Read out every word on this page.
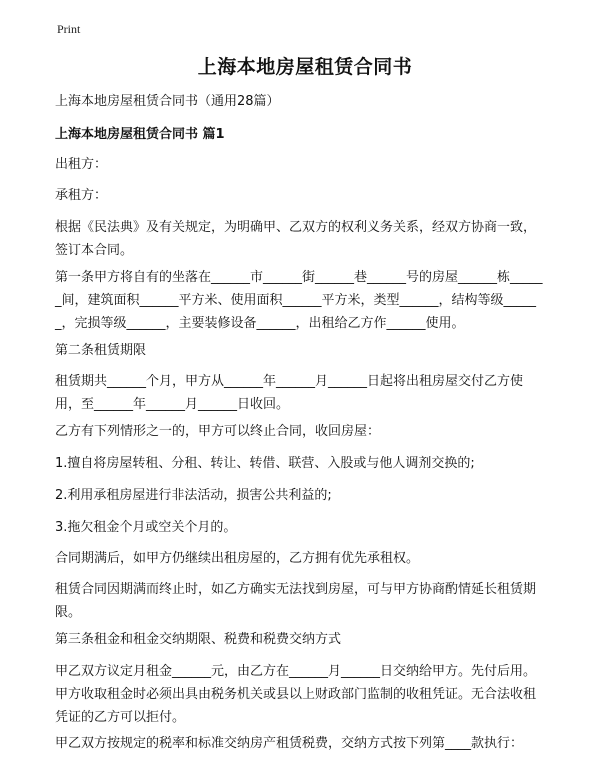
Print
上海本地房屋租赁合同书

上海本地房屋租赁合同书（通用28篇）

上海本地房屋租赁合同书 篇1

出租方：

承租方：

根据《民法典》及有关规定，为明确甲、乙双方的权利义务关系，经双方协商一致，签订本合同。

第一条甲方将自有的坐落在______市______街______巷______号的房屋______栋______间，建筑面积______平方米、使用面积______平方米，类型______，结构等级______，完损等级______，主要装修设备______，出租给乙方作______使用。

第二条租赁期限

租赁期共______个月，甲方从______年______月______日起将出租房屋交付乙方使用，至______年______月______日收回。

乙方有下列情形之一的，甲方可以终止合同，收回房屋：

1.擅自将房屋转租、分租、转让、转借、联营、入股或与他人调剂交换的;

2.利用承租房屋进行非法活动，损害公共利益的;

3.拖欠租金个月或空关个月的。

合同期满后，如甲方仍继续出租房屋的，乙方拥有优先承租权。

租赁合同因期满而终止时，如乙方确实无法找到房屋，可与甲方协商酌情延长租赁期限。

第三条租金和租金交纳期限、税费和税费交纳方式

甲乙双方议定月租金______元，由乙方在______月______日交纳给甲方。先付后用。甲方收取租金时必须出具由税务机关或县以上财政部门监制的收租凭证。无合法收租凭证的乙方可以拒付。

甲乙双方按规定的税率和标准交纳房产租赁税费，交纳方式按下列第____款执行：
